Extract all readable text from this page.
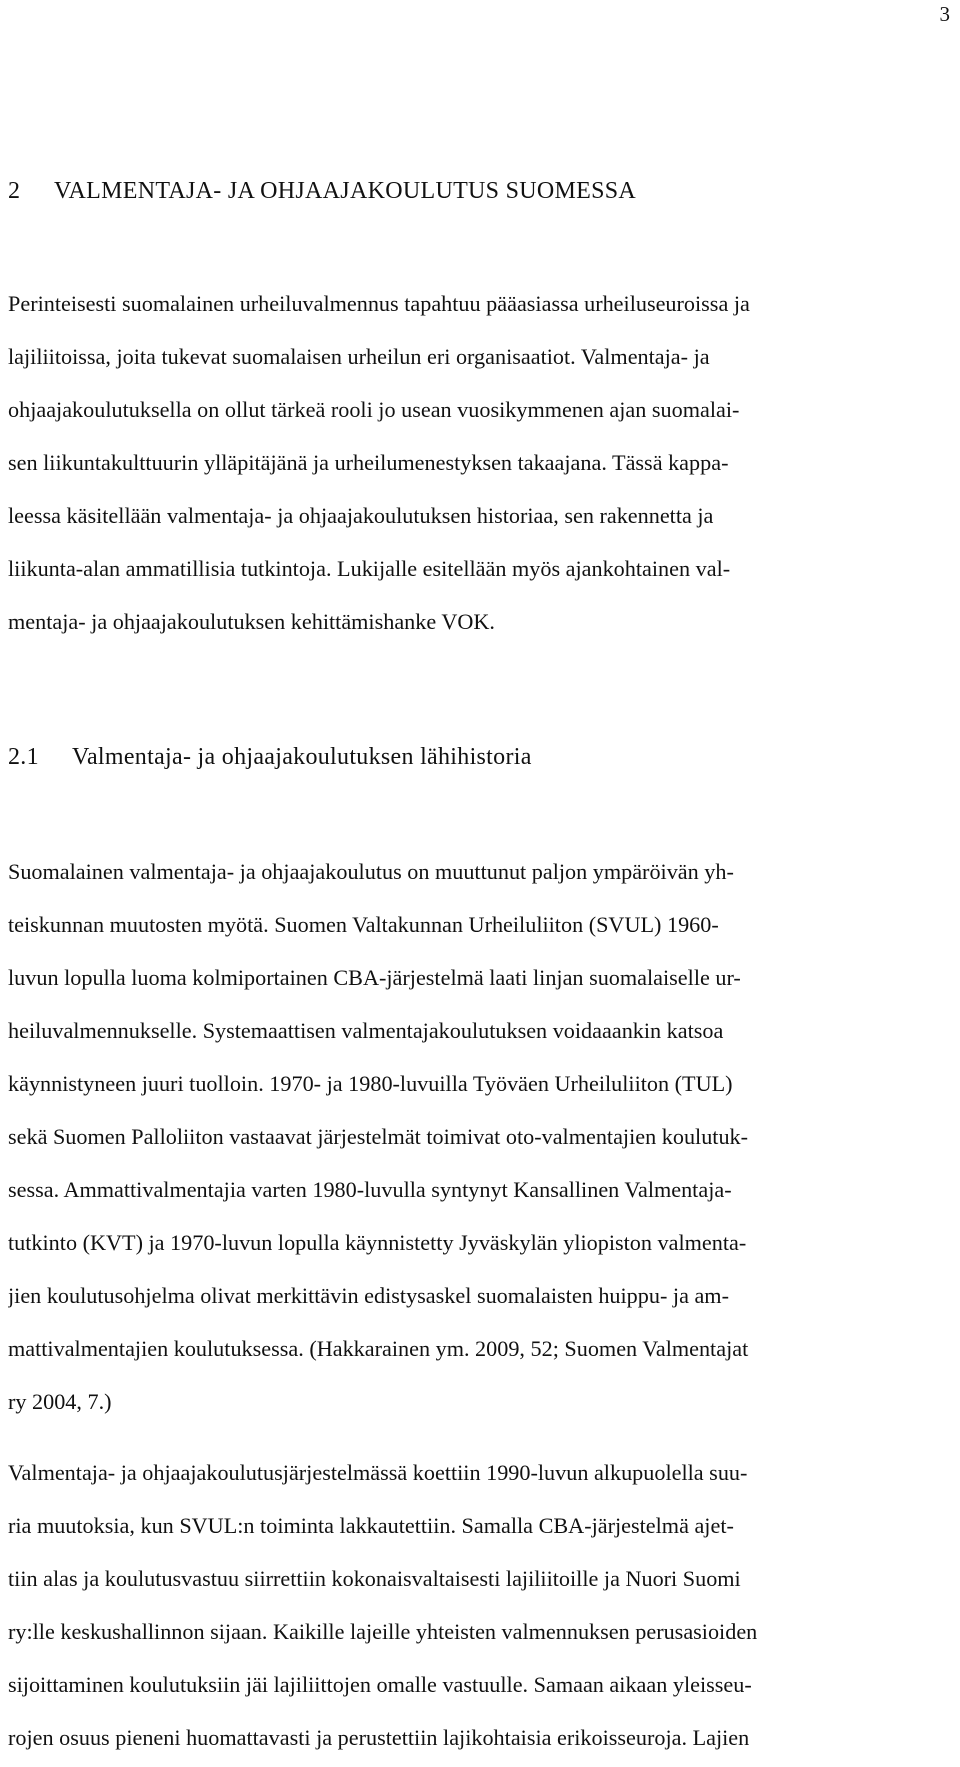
3
2 VALMENTAJA- JA OHJAAJAKOULUTUS SUOMESSA
Perinteisesti suomalainen urheiluvalmennus tapahtuu pääasiassa urheiluseuroissa ja
lajiliitoissa, joita tukevat suomalaisen urheilun eri organisaatiot. Valmentaja- ja
ohjaajakoulutuksella on ollut tärkeä rooli jo usean vuosikymmenen ajan suomalai-
sen liikuntakulttuurin ylläpitäjänä ja urheilumenestyksen takaajana. Tässä kappa-
leessa käsitellään valmentaja- ja ohjaajakoulutuksen historiaa, sen rakennetta ja
liikunta-alan ammatillisia tutkintoja. Lukijalle esitellään myös ajankohtainen val-
mentaja- ja ohjaajakoulutuksen kehittämishanke VOK.
2.1 Valmentaja- ja ohjaajakoulutuksen lähihistoria
Suomalainen valmentaja- ja ohjaajakoulutus on muuttunut paljon ympäröivän yh-
teiskunnan muutosten myötä. Suomen Valtakunnan Urheiluliiton (SVUL) 1960-
luvun lopulla luoma kolmiportainen CBA-järjestelmä laati linjan suomalaiselle ur-
heiluvalmennukselle. Systemaattisen valmentajakoulutuksen voidaaankin katsoa
käynnistyneen juuri tuolloin. 1970- ja 1980-luvuilla Työväen Urheiluliiton (TUL)
sekä Suomen Palloliiton vastaavat järjestelmät toimivat oto-valmentajien koulutuk-
sessa. Ammattivalmentajia varten 1980-luvulla syntynyt Kansallinen Valmentaja-
tutkinto (KVT) ja 1970-luvun lopulla käynnistetty Jyväskylän yliopiston valmenta-
jien koulutusohjelma olivat merkittävin edistysaskel suomalaisten huippu- ja am-
mattivalmentajien koulutuksessa. (Hakkarainen ym. 2009, 52; Suomen Valmentajat
ry 2004, 7.)
Valmentaja- ja ohjaajakoulutusjärjestelmässä koettiin 1990-luvun alkupuolella suu-
ria muutoksia, kun SVUL:n toiminta lakkautettiin. Samalla CBA-järjestelmä ajet-
tiin alas ja koulutusvastuu siirrettiin kokonaisvaltaisesti lajiliitoille ja Nuori Suomi
ry:lle keskushallinnon sijaan. Kaikille lajeille yhteisten valmennuksen perusasioiden
sijoittaminen koulutuksiin jäi lajiliittojen omalle vastuulle. Samaan aikaan yleisseu-
rojen osuus pieneni huomattavasti ja perustettiin lajikohtaisia erikoisseuroja. Lajien
